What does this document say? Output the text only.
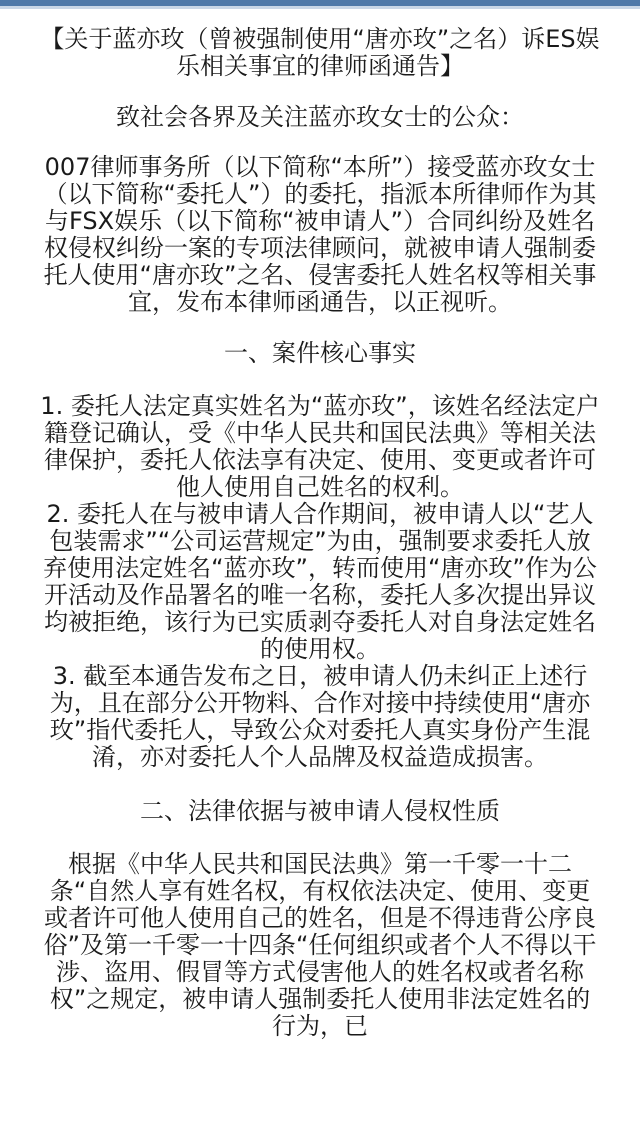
【关于蓝亦玫（曾被强制使用“唐亦玫”之名）诉ES娱乐相关事宜的律师函通告】

致社会各界及关注蓝亦玫女士的公众：

007律师事务所（以下简称“本所”）接受蓝亦玫女士（以下简称“委托人”）的委托，指派本所律师作为其与FSX娱乐（以下简称“被申请人”）合同纠纷及姓名权侵权纠纷一案的专项法律顾问，就被申请人强制委托人使用“唐亦玫”之名、侵害委托人姓名权等相关事宜，发布本律师函通告，以正视听。

一、案件核心事实

1. 委托人法定真实姓名为“蓝亦玫”，该姓名经法定户籍登记确认，受《中华人民共和国民法典》等相关法律保护，委托人依法享有决定、使用、变更或者许可他人使用自己姓名的权利。

2. 委托人在与被申请人合作期间，被申请人以“艺人包装需求”“公司运营规定”为由，强制要求委托人放弃使用法定姓名“蓝亦玫”，转而使用“唐亦玫”作为公开活动及作品署名的唯一名称，委托人多次提出异议均被拒绝，该行为已实质剥夺委托人对自身法定姓名的使用权。

3. 截至本通告发布之日，被申请人仍未纠正上述行为，且在部分公开物料、合作对接中持续使用“唐亦玫”指代委托人，导致公众对委托人真实身份产生混淆，亦对委托人个人品牌及权益造成损害。

二、法律依据与被申请人侵权性质

根据《中华人民共和国民法典》第一千零一十二条“自然人享有姓名权，有权依法决定、使用、变更或者许可他人使用自己的姓名，但是不得违背公序良俗”及第一千零一十四条“任何组织或者个人不得以干涉、盗用、假冒等方式侵害他人的姓名权或者名称权”之规定，被申请人强制委托人使用非法定姓名的行为，已
